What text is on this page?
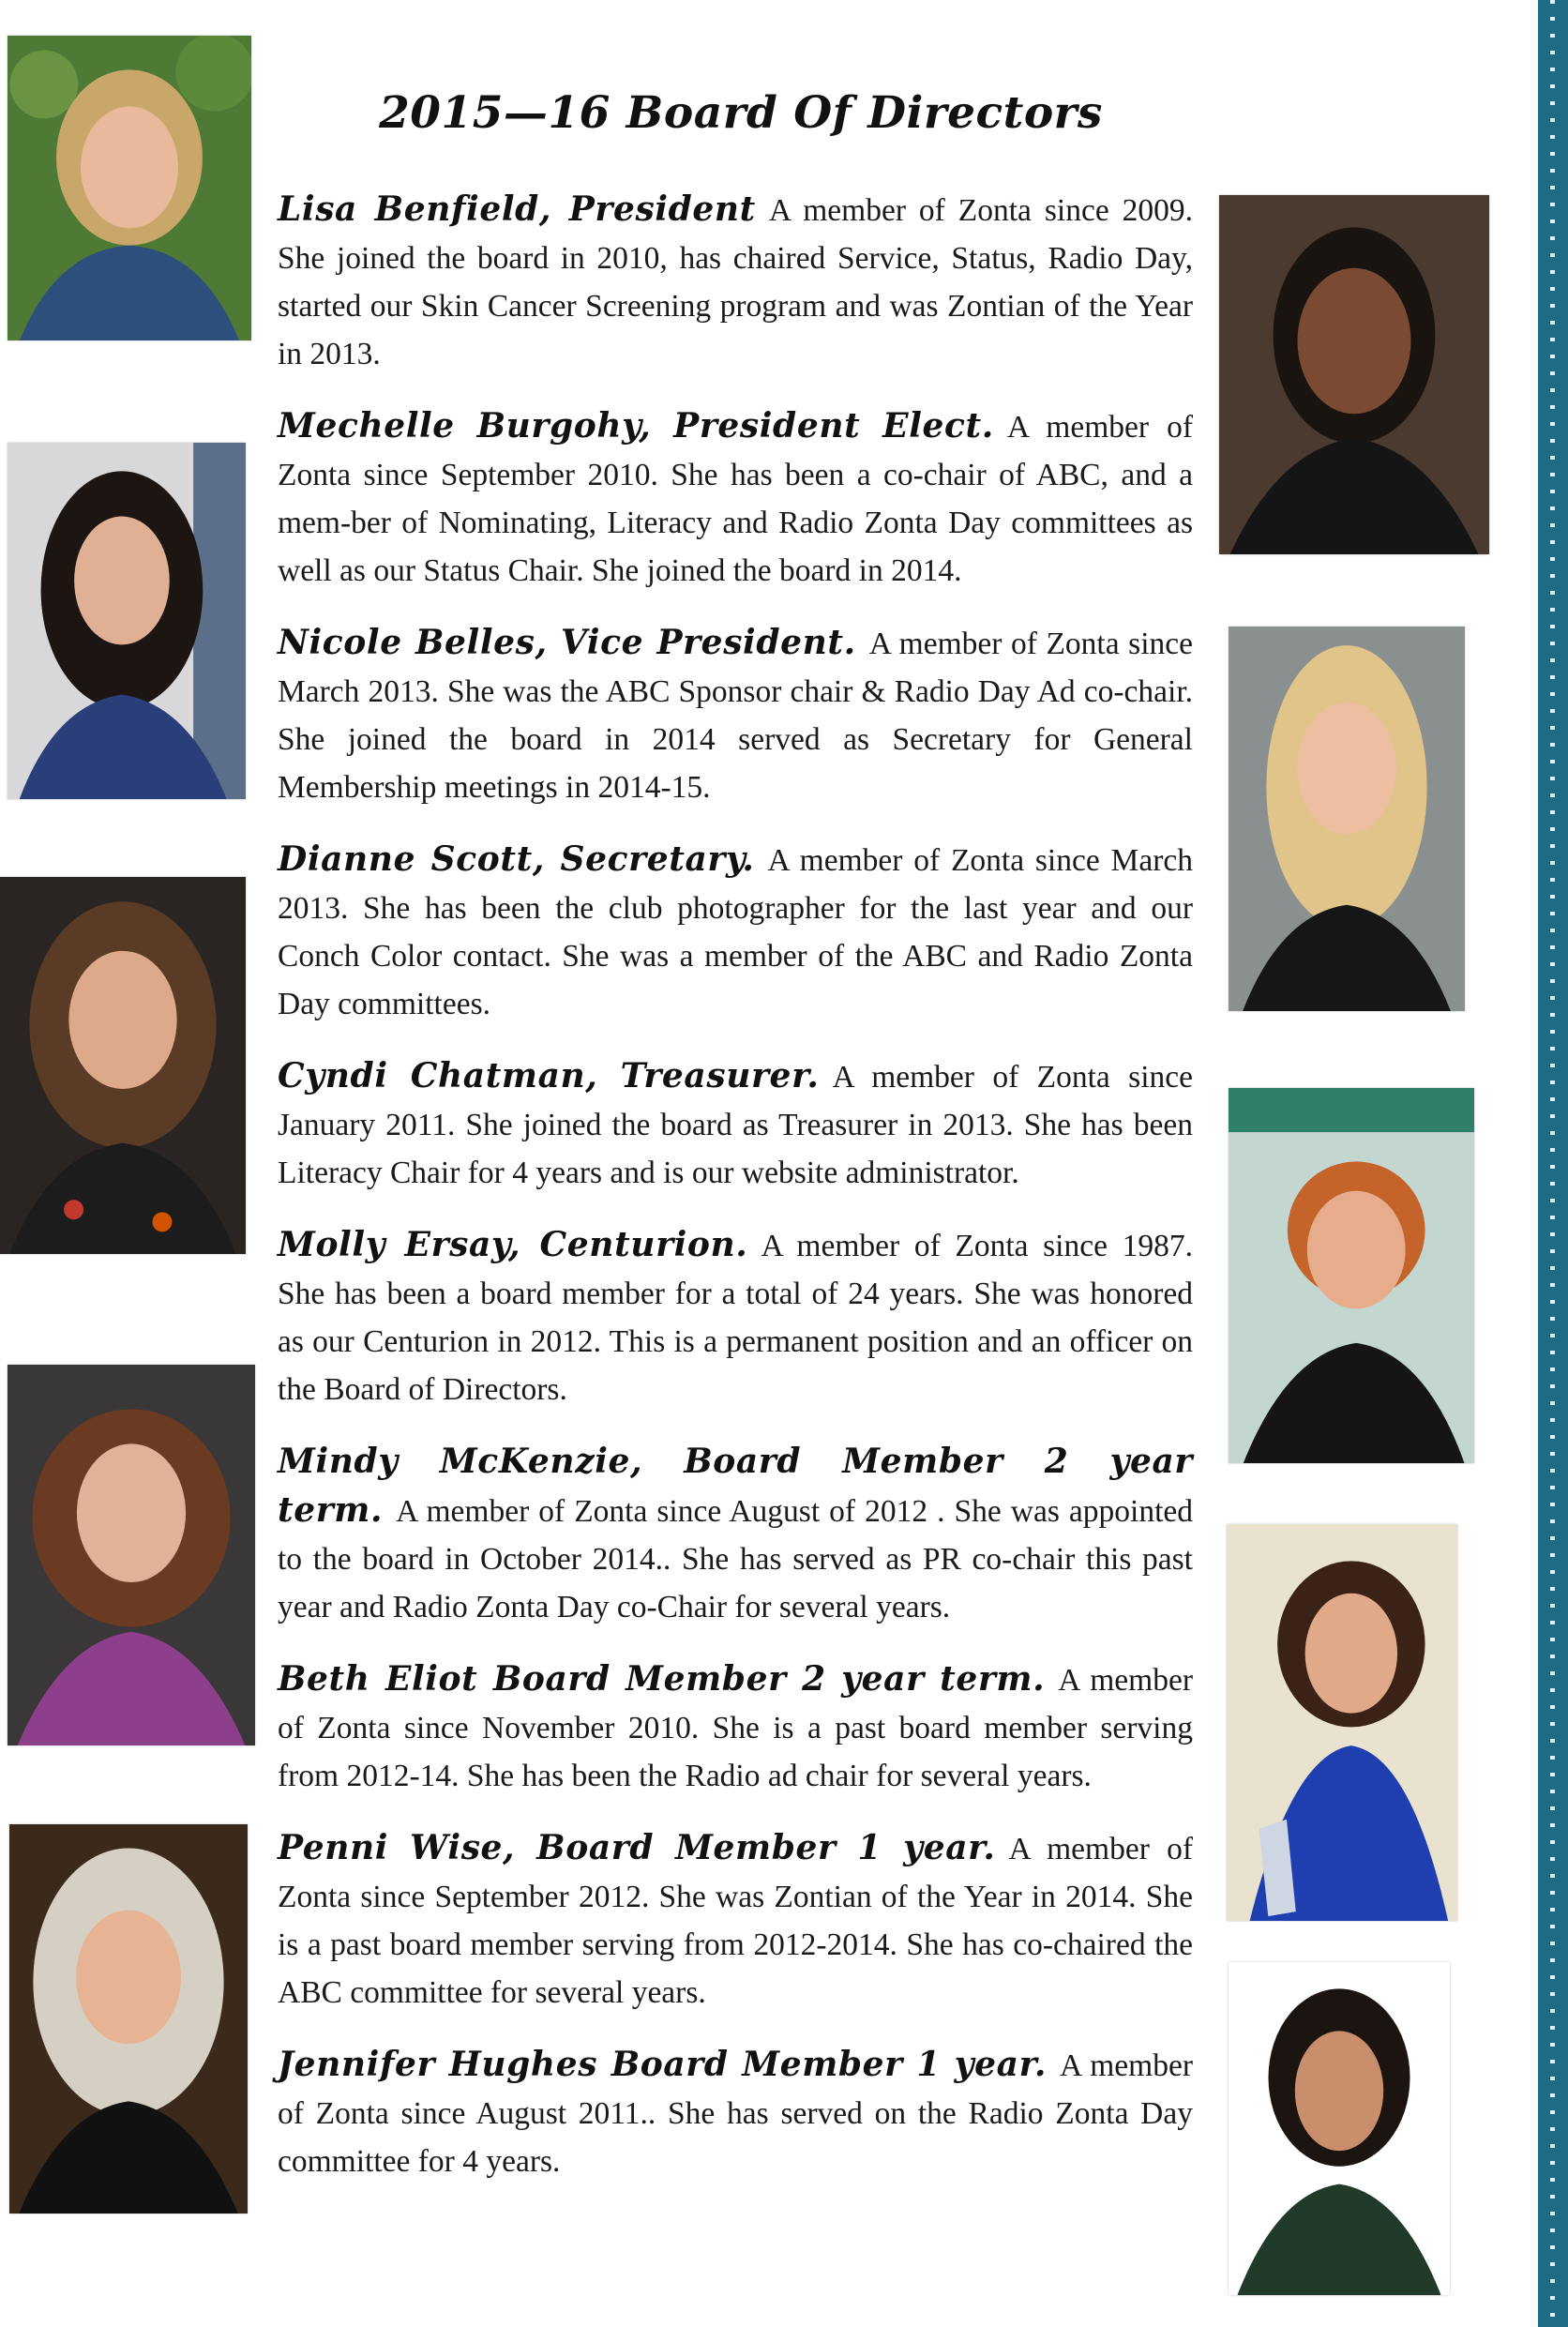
2015—16 Board Of Directors

Lisa Benfield, President A member of Zonta since 2009. She joined the board in 2010, has chaired Service, Status, Radio Day, started our Skin Cancer Screening program and was Zontian of the Year in 2013.

Mechelle Burgohy, President Elect. A member of Zonta since September 2010. She has been a co-chair of ABC, and a mem-ber of Nominating, Literacy and Radio Zonta Day committees as well as our Status Chair. She joined the board in 2014.

Nicole Belles, Vice President. A member of Zonta since March 2013. She was the ABC Sponsor chair & Radio Day Ad co-chair. She joined the board in 2014 served as Secretary for General Membership meetings in 2014-15.

Dianne Scott, Secretary. A member of Zonta since March 2013. She has been the club photographer for the last year and our Conch Color contact. She was a member of the ABC and Radio Zonta Day committees.

Cyndi Chatman, Treasurer. A member of Zonta since January 2011. She joined the board as Treasurer in 2013. She has been Literacy Chair for 4 years and is our website administrator.

Molly Ersay, Centurion. A member of Zonta since 1987. She has been a board member for a total of 24 years. She was honored as our Centurion in 2012. This is a permanent position and an officer on the Board of Directors.

Mindy McKenzie, Board Member 2 year term. A member of Zonta since August of 2012 . She was appointed to the board in October 2014.. She has served as PR co-chair this past year and Radio Zonta Day co-Chair for several years.

Beth Eliot Board Member 2 year term. A member of Zonta since November 2010. She is a past board member serving from 2012-14. She has been the Radio ad chair for several years.

Penni Wise, Board Member 1 year. A member of Zonta since September 2012. She was Zontian of the Year in 2014. She is a past board member serving from 2012-2014. She has co-chaired the ABC committee for several years.

Jennifer Hughes Board Member 1 year. A member of Zonta since August 2011.. She has served on the Radio Zonta Day committee for 4 years.
